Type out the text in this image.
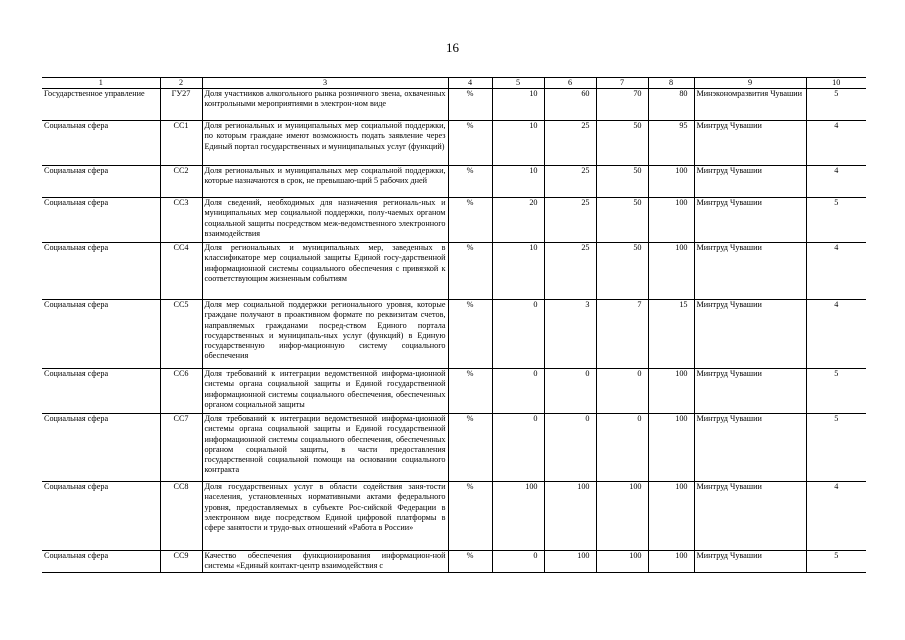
16
1	2	3	4	5	6	7	8	9	10
Государственное управление	ГУ27	Доля участников алкогольного рынка розничного звена, охваченных контрольными мероприятиями в электрон-ном виде	%	10	60	70	80	Минэкономразвития Чувашии	5
Социальная сфера	СС1	Доля региональных и муниципальных мер социальной поддержки, по которым граждане имеют возможность подать заявление через Единый портал государственных и муниципальных услуг (функций)	%	10	25	50	95	Минтруд Чувашии	4
Социальная сфера	СС2	Доля региональных и муниципальных мер социальной поддержки, которые назначаются в срок, не превышаю-щий 5 рабочих дней	%	10	25	50	100	Минтруд Чувашии	4
Социальная сфера	СС3	Доля сведений, необходимых для назначения региональ-ных и муниципальных мер социальной поддержки, полу-чаемых органом социальной защиты посредством меж-ведомственного электронного взаимодействия	%	20	25	50	100	Минтруд Чувашии	5
Социальная сфера	СС4	Доля региональных и муниципальных мер, заведенных в классификаторе мер социальной защиты Единой госу-дарственной информационной системы социального обеспечения с привязкой к соответствующим жизненным событиям	%	10	25	50	100	Минтруд Чувашии	4
Социальная сфера	СС5	Доля мер социальной поддержки регионального уровня, которые граждане получают в проактивном формате по реквизитам счетов, направляемых гражданами посред-ством Единого портала государственных и муниципаль-ных услуг (функций) в Единую государственную инфор-мационную систему социального обеспечения	%	0	3	7	15	Минтруд Чувашии	4
Социальная сфера	СС6	Доля требований к интеграции ведомственной информа-ционной системы органа социальной защиты и Единой государственной информационной системы социального обеспечения, обеспеченных органом социальной защиты	%	0	0	0	100	Минтруд Чувашии	5
Социальная сфера	СС7	Доля требований к интеграции ведомственной информа-ционной системы органа социальной защиты и Единой государственной информационной системы социального обеспечения, обеспеченных органом социальной защиты, в части предоставления государственной социальной помощи на основании социального контракта	%	0	0	0	100	Минтруд Чувашии	5
Социальная сфера	СС8	Доля государственных услуг в области содействия заня-тости населения, установленных нормативными актами федерального уровня, предоставляемых в субъекте Рос-сийской Федерации в электронном виде посредством Единой цифровой платформы в сфере занятости и трудо-вых отношений «Работа в России»	%	100	100	100	100	Минтруд Чувашии	4
Социальная сфера	СС9	Качество обеспечения функционирования информацион-ной системы «Единый контакт-центр взаимодействия с	%	0	100	100	100	Минтруд Чувашии	5
